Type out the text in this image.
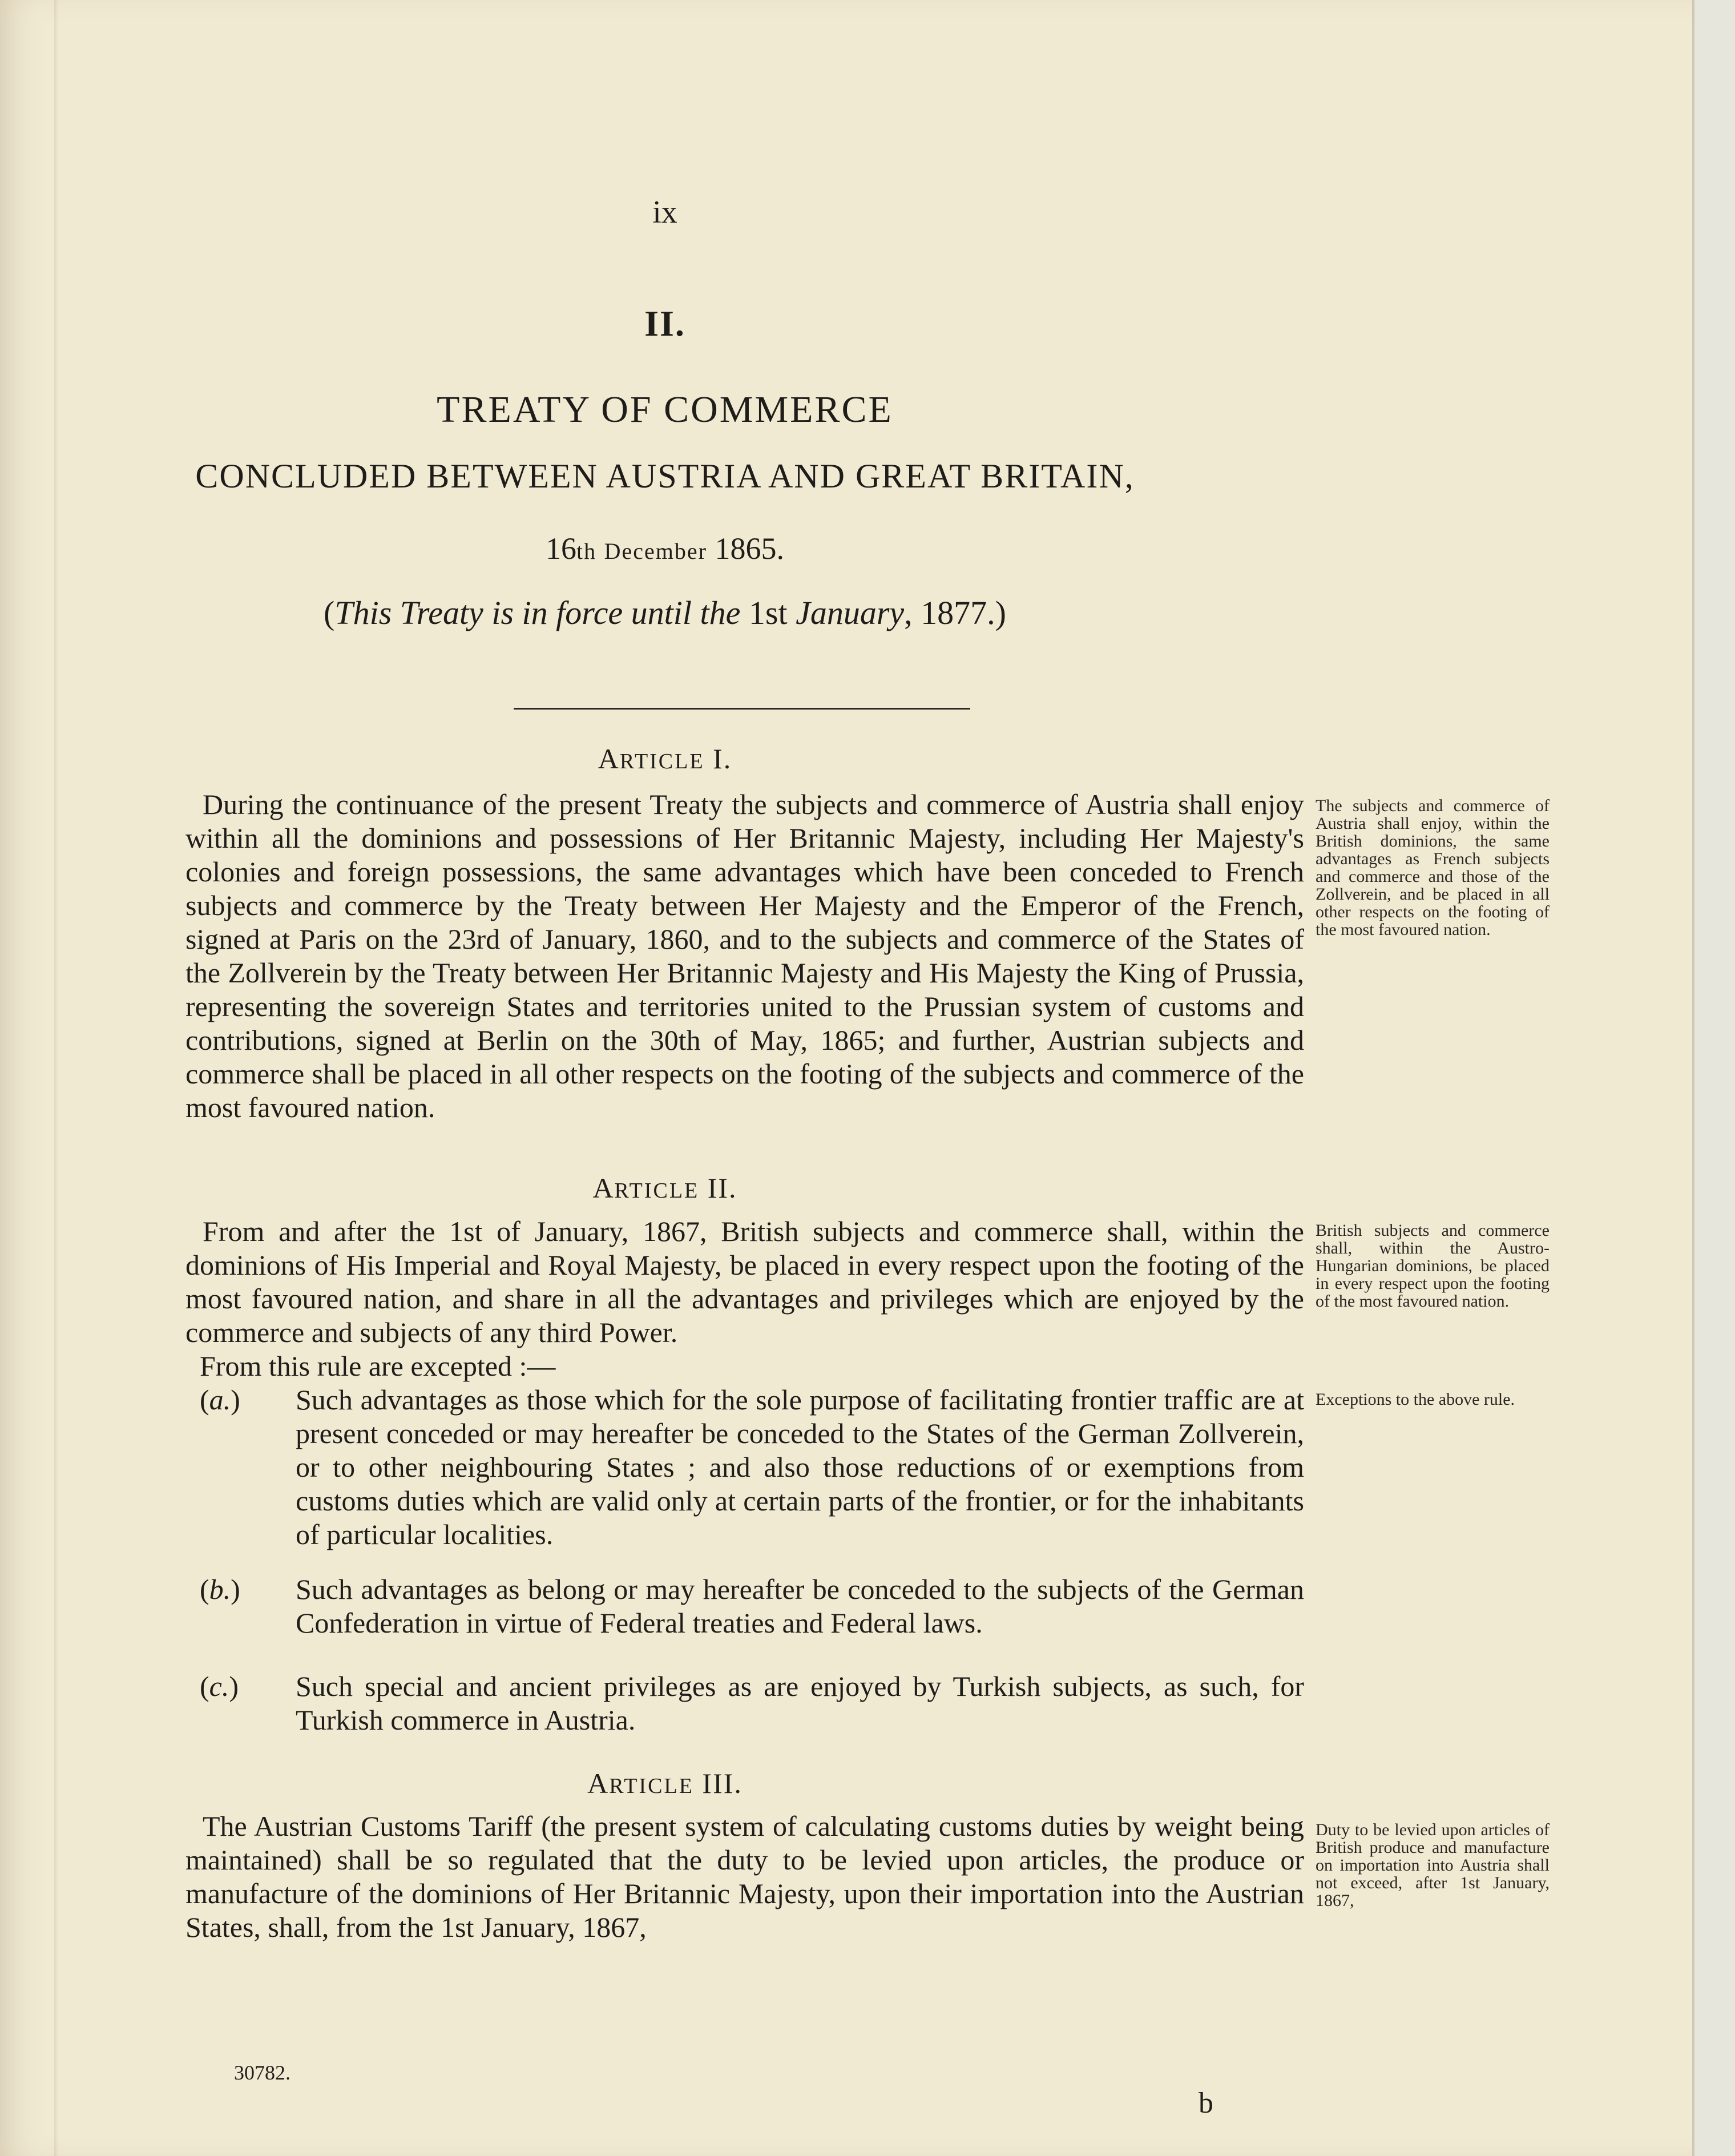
ix
II.
TREATY OF COMMERCE
CONCLUDED BETWEEN AUSTRIA AND GREAT BRITAIN,
16th December 1865.
(This Treaty is in force until the 1st January, 1877.)
ARTICLE I.

During the continuance of the present Treaty the subjects and commerce of Austria shall enjoy within all the dominions and possessions of Her Britannic Majesty, including Her Majesty's colonies and foreign possessions, the same advantages which have been conceded to French subjects and commerce by the Treaty between Her Majesty and the Emperor of the French, signed at Paris on the 23rd of January, 1860, and to the subjects and commerce of the States of the Zollverein by the Treaty between Her Britannic Majesty and His Majesty the King of Prussia, representing the sovereign States and territories united to the Prussian system of customs and contributions, signed at Berlin on the 30th of May, 1865; and further, Austrian subjects and commerce shall be placed in all other respects on the footing of the subjects and commerce of the most favoured nation.

The subjects and commerce of Austria shall enjoy, within the British dominions, the same advantages as French subjects and commerce and those of the Zollverein, and be placed in all other respects on the footing of the most favoured nation.
ARTICLE II.

From and after the 1st of January, 1867, British subjects and commerce shall, within the dominions of His Imperial and Royal Majesty, be placed in every respect upon the footing of the most favoured nation, and share in all the advantages and privileges which are enjoyed by the commerce and subjects of any third Power.

British subjects and commerce shall, within the Austro-Hungarian dominions, be placed in every respect upon the footing of the most favoured nation.

From this rule are excepted :—

(a.) Such advantages as those which for the sole purpose of facilitating frontier traffic are at present conceded or may hereafter be conceded to the States of the German Zollverein, or to other neighbouring States ; and also those reductions of or exemptions from customs duties which are valid only at certain parts of the frontier, or for the inhabitants of particular localities.
Exceptions to the above rule.
(b.) Such advantages as belong or may hereafter be conceded to the subjects of the German Confederation in virtue of Federal treaties and Federal laws.
(c.) Such special and ancient privileges as are enjoyed by Turkish subjects, as such, for Turkish commerce in Austria.
ARTICLE III.

The Austrian Customs Tariff (the present system of calculating customs duties by weight being maintained) shall be so regulated that the duty to be levied upon articles, the produce or manufacture of the dominions of Her Britannic Majesty, upon their importation into the Austrian States, shall, from the 1st January, 1867,

Duty to be levied upon articles of British produce and manufacture on importation into Austria shall not exceed, after 1st January, 1867,
30782.
b
